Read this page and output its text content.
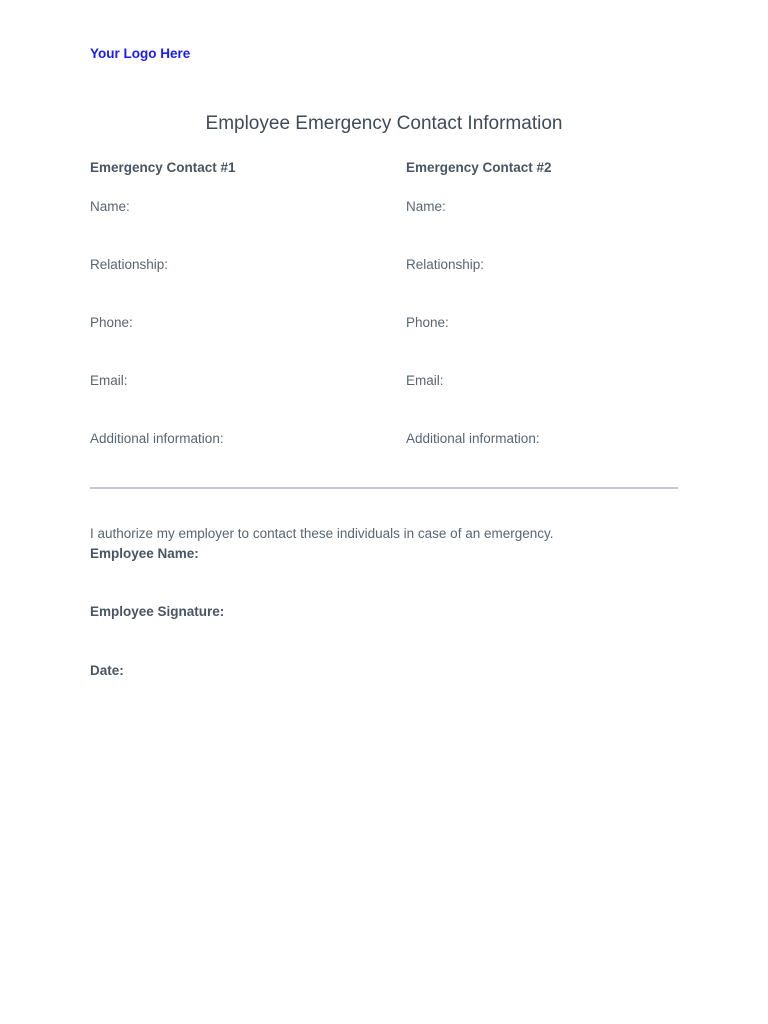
Your Logo Here
Employee Emergency Contact Information
Emergency Contact #1
Name:
Relationship:
Phone:
Email:
Additional information:
Emergency Contact #2
Name:
Relationship:
Phone:
Email:
Additional information:
I authorize my employer to contact these individuals in case of an emergency.
Employee Name:
Employee Signature:
Date:
